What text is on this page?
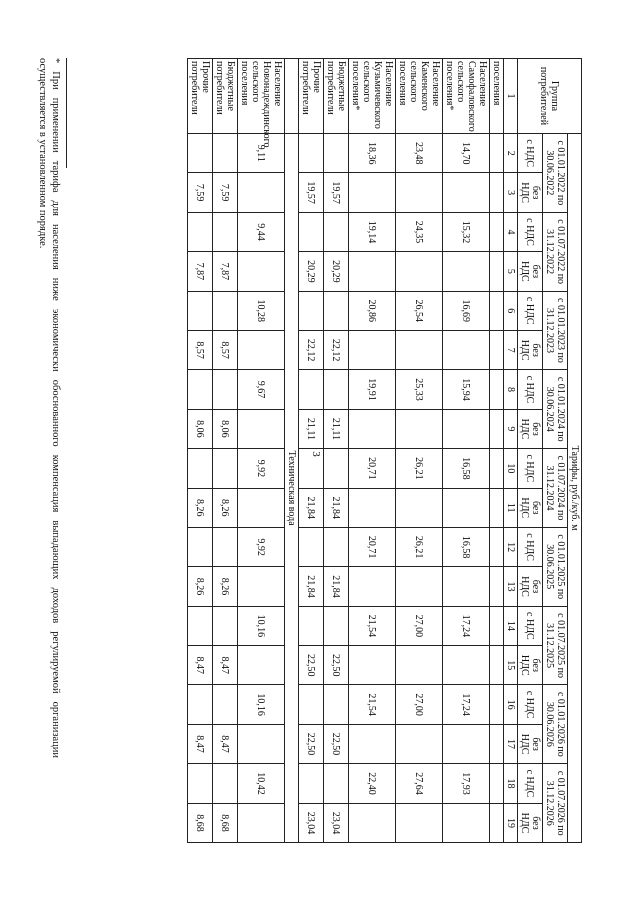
3
Группа потребителей	Тарифы, руб./куб. м																	
	с 01.01.2022 по 30.06.2022		с 01.07.2022 по 31.12.2022		с 01.01.2023 по 31.12.2023		с 01.01.2024 по 30.06.2024		с 01.07.2024 по 31.12.2024		с 01.01.2025 по 30.06.2025		с 01.07.2025 по 31.12.2025		с 01.01.2026 по 30.06.2026		с 01.07.2026 по 31.12.2026	
	с НДС	без НДС	с НДС	без НДС	с НДС	без НДС	с НДС	без НДС	с НДС	без НДС	с НДС	без НДС	с НДС	без НДС	с НДС	без НДС	с НДС	без НДС
1	2	3	4	5	6	7	8	9	10	11	12	13	14	15	16	17	18	19
поселения																		
Население Самофаловского сельского поселения*	14,70		15,32		16,69		15,94		16,58		16,58		17,24		17,24		17,93	
Население Каменского сельского поселения	23,48		24,35		26,54		25,33		26,21		26,21		27,00		27,00		27,64	
Население Кузьмичевского сельского поселения*	18,36		19,14		20,86		19,91		20,71		20,71		21,54		21,54		22,40	
Бюджетные потребители		19,57		20,29		22,12		21,11		21,84		21,84		22,50		22,50		23,04
Прочие потребители		19,57		20,29		22,12		21,11		21,84		21,84		22,50		22,50		23,04
	Техническая вода																	
Население Новонадеждинского сельского поселения	9,11		9,44		10,28		9,67		9,92		9,92		10,16		10,16		10,42	
Бюджетные потребители		7,59		7,87		8,57		8,06		8,26		8,26		8,47		8,47		8,68
Прочие потребители		7,59		7,87		8,57		8,06		8,26		8,26		8,47		8,47		8,68
* При применении тарифа для населения ниже экономически обоснованного компенсация выпадающих доходов регулируемой организации осуществляется в установленном порядке.
